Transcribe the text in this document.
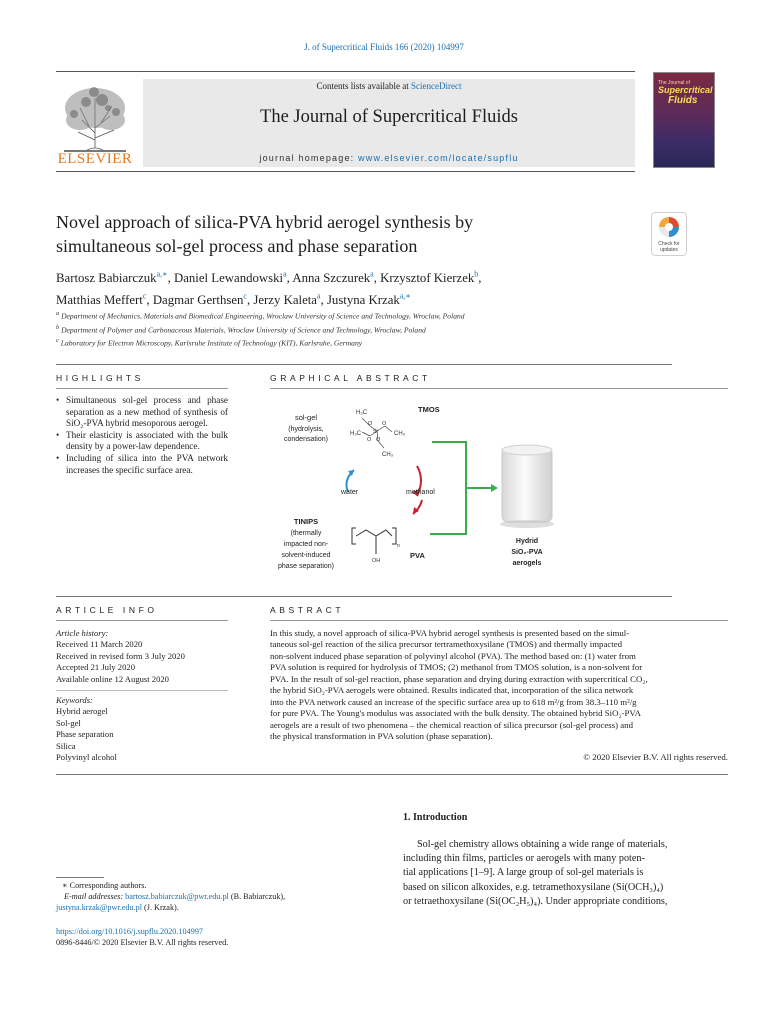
J. of Supercritical Fluids 166 (2020) 104997
Contents lists available at ScienceDirect
The Journal of Supercritical Fluids
journal homepage: www.elsevier.com/locate/supflu
ELSEVIER
The Journal of
Supercritical
Fluids
Novel approach of silica-PVA hybrid aerogel synthesis by
simultaneous sol-gel process and phase separation	Check for
updates
Bartosz Babiarczuk$^{a,∗}$, Daniel Lewandowski$^a$, Anna Szczurek$^a$, Krzysztof Kierzek$^b$,
Matthias Meffert$^c$, Dagmar Gerthsen$^c$, Jerzy Kaleta$^a$, Justyna Krzak$^{a,∗}$
$^a$ Department of Mechanics, Materials and Biomedical Engineering, Wroclaw University of Science and Technology, Wroclaw, Poland
$^b$ Department of Polymer and Carbonaceous Materials, Wroclaw University of Science and Technology, Wroclaw, Poland
$^c$ Laboratory for Electron Microscopy, Karlsruhe Institute of Technology (KIT), Karlsruhe, Germany
HIGHLIGHTS	GRAPHICAL ABSTRACT
• Simultaneous sol-gel process and phase separation as a new method of synthesis of SiO₂-PVA hybrid mesoporous aerogel.
• Their elasticity is associated with the bulk density by a power-law dependence.
• Including of silica into the PVA network increases the specific surface area.
sol-gel
(hydrolysis,
condensation)
TMOS
H₃C
H₃C	CH₃
CH₃
O O
O O
Si
water	methanol
TINIPS
(thermally
impacted non-
solvent-induced
phase separation)
n
OH
PVA
Hydrid
SiO₂-PVA
aerogels
ARTICLE INFO	ABSTRACT
Article history:
Received 11 March 2020
Received in revised form 3 July 2020
Accepted 21 July 2020
Available online 12 August 2020
Keywords:
Hybrid aerogel
Sol-gel
Phase separation
Silica
Polyvinyl alcohol
In this study, a novel approach of silica-PVA hybrid aerogel synthesis is presented based on the simul-
taneous sol-gel reaction of the silica precursor tertramethoxysilane (TMOS) and thermally impacted
non-solvent induced phase separation of polyvinyl alcohol (PVA). The method based on: (1) water from
PVA solution is required for hydrolysis of TMOS; (2) methanol from TMOS solution, is a non-solvent for
PVA. In the result of sol-gel reaction, phase separation and drying during extraction with supercritical CO₂,
the hybrid SiO₂-PVA aerogels were obtained. Results indicated that, incorporation of the silica network
into the PVA network caused an increase of the specific surface area up to 618 m²/g from 38.3–110 m²/g
for pure PVA. The Young's modulus was associated with the bulk density. The obtained hybrid SiO₂-PVA
aerogels are a result of two phenomena – the chemical reaction of silica precursor (sol-gel process) and
the physical transformation in PVA solution (phase separation).
© 2020 Elsevier B.V. All rights reserved.
1. Introduction
Sol-gel chemistry allows obtaining a wide range of materials,
including thin films, particles or aerogels with many poten-
tial applications [1–9]. A large group of sol-gel materials is
based on silicon alkoxides, e.g. tetramethoxysilane (Si(OCH₃)₄)
or tetraethoxysilane (Si(OC₂H₅)₄). Under appropriate conditions,
∗ Corresponding authors.
E-mail addresses: bartosz.babiarczuk@pwr.edu.pl (B. Babiarczuk),
justyna.krzak@pwr.edu.pl (J. Krzak).
https://doi.org/10.1016/j.supflu.2020.104997
0896-8446/© 2020 Elsevier B.V. All rights reserved.
